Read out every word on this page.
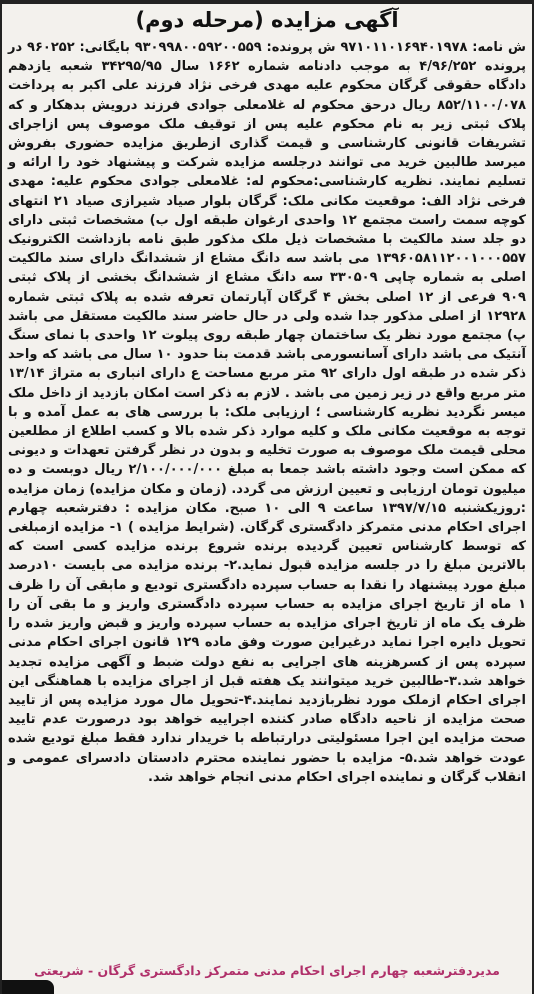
آگهی مزایده (مرحله دوم)

ش نامه: ۹۷۱۰۱۱۰۱۶۹۴۰۱۹۷۸ ش پرونده: ۹۳۰۹۹۸۰۰۵۹۲۰۰۵۵۹ بایگانی: ۹۶۰۲۵۲ در پرونده ۴/۹۶/۲۵۲ به موجب دادنامه شماره ۱۶۶۲ سال ۳۴۲۹۵/۹۵ شعبه یازدهم دادگاه حقوقی گرگان محکوم علیه مهدی فرخی نژاد فرزند علی اکبر به پرداخت ۸۵۲/۱۱۰۰/۰۷۸ ریال درحق محکوم له غلامعلی جوادی فرزند درویش بدهکار و که پلاک ثبتی زیر به نام محکوم علیه پس از توقیف ملک موصوف پس ازاجرای تشریفات قانونی کارشناسی و قیمت گذاری ازطریق مزایده حضوری بفروش میرسد طالبین خرید می توانند درجلسه مزایده شرکت و پیشنهاد خود را ارائه و تسلیم نمایند. نظریه کارشناسی:محکوم له: غلامعلی جوادی محکوم علیه: مهدی فرخی نژاد الف: موقعیت مکانی ملک: گرگان بلوار صیاد شیرازی صیاد ۲۱ انتهای کوچه سمت راست مجتمع ۱۲ واحدی ارغوان طبقه اول ب) مشخصات ثبتی دارای دو جلد سند مالکیت با مشخصات ذیل ملک مذکور طبق نامه بازداشت الکترونیک ۱۳۹۶۰۵۸۱۱۲۰۰۱۰۰۰۵۵۷ می باشد سه دانگ مشاع از ششدانگ دارای سند مالکیت اصلی به شماره چاپی ۳۳۰۵۰۹ سه دانگ مشاع از ششدانگ بخشی از پلاک ثبتی ۹۰۹ فرعی از ۱۲ اصلی بخش ۴ گرگان آپارتمان تعرفه شده به پلاک ثبتی شماره ۱۲۹۲۸ از اصلی مذکور جدا شده ولی در حال حاضر سند مالکیت مستقل می باشد پ) مجتمع مورد نظر یک ساختمان چهار طبقه روی پیلوت ۱۲ واحدی با نمای سنگ آنتیک می باشد دارای آسانسورمی باشد قدمت بنا حدود ۱۰ سال می باشد که واحد ذکر شده در طبقه اول دارای ۹۲ متر مربع مساحت ع دارای انباری به متراژ ۱۳/۱۴ متر مربع واقع در زیر زمین می باشد . لازم به ذکر است امکان بازدید از داخل ملک میسر نگردید نظریه کارشناسی ؛ ارزیابی ملک: با بررسی های به عمل آمده و با توجه به موقعیت مکانی ملک و کلیه موارد ذکر شده بالا و کسب اطلاع از مطلعین محلی قیمت ملک موصوف به صورت تخلیه و بدون در نظر گرفتن تعهدات و دیونی که ممکن است وجود داشته باشد جمعا به مبلغ ۲/۱۰۰/۰۰۰/۰۰۰ ریال دوبست و ده میلیون تومان ارزیابی و تعیین ارزش می گردد. (زمان و مکان مزایده) زمان مزایده :روزیکشنبه ۱۳۹۷/۷/۱۵ ساعت ۹ الی ۱۰ صبح. مکان مزایده : دفترشعبه چهارم اجرای احکام مدنی متمرکز دادگستری گرگان. (شرایط مزایده ) ۱- مزایده ازمبلغی که توسط کارشناس تعیین گردیده برنده شروع برنده مزایده کسی است که بالاترین مبلغ را در جلسه مزایده قبول نماید.۲- برنده مزایده می بایست ۱۰درصد مبلغ مورد پیشنهاد را نقدا به حساب سپرده دادگستری تودیع و مابقی آن را ظرف ۱ ماه از تاریخ اجرای مزایده به حساب سپرده دادگستری واریز و ما بقی آن را ظرف یک ماه از تاریخ اجرای مزایده به حساب سپرده واریز و قبض واریز شده را تحویل دایره اجرا نماید درغیراین صورت وفق ماده ۱۲۹ قانون اجرای احکام مدنی سپرده پس از کسرهزینه های اجرایی به نفع دولت ضبط و آگهی مزایده تجدید خواهد شد.۳-طالبین خرید میتوانند یک هفته قبل از اجرای مزایده با هماهنگی این اجرای احکام ازملک مورد نظربازدید نمایند.۴-تحویل مال مورد مزایده پس از تایید صحت مزایده از ناحیه دادگاه صادر کننده اجراییه خواهد بود درصورت عدم تایید صحت مزایده این اجرا مسئولیتی درارتباطه با خریدار ندارد فقط مبلغ تودیع شده عودت خواهد شد.۵- مزایده با حضور نماینده محترم دادستان دادسرای عمومی و انقلاب گرگان و نماینده اجرای احکام مدنی انجام خواهد شد.

مدیردفترشعبه چهارم اجرای احکام مدنی متمرکز دادگستری گرگان - شریعتی
